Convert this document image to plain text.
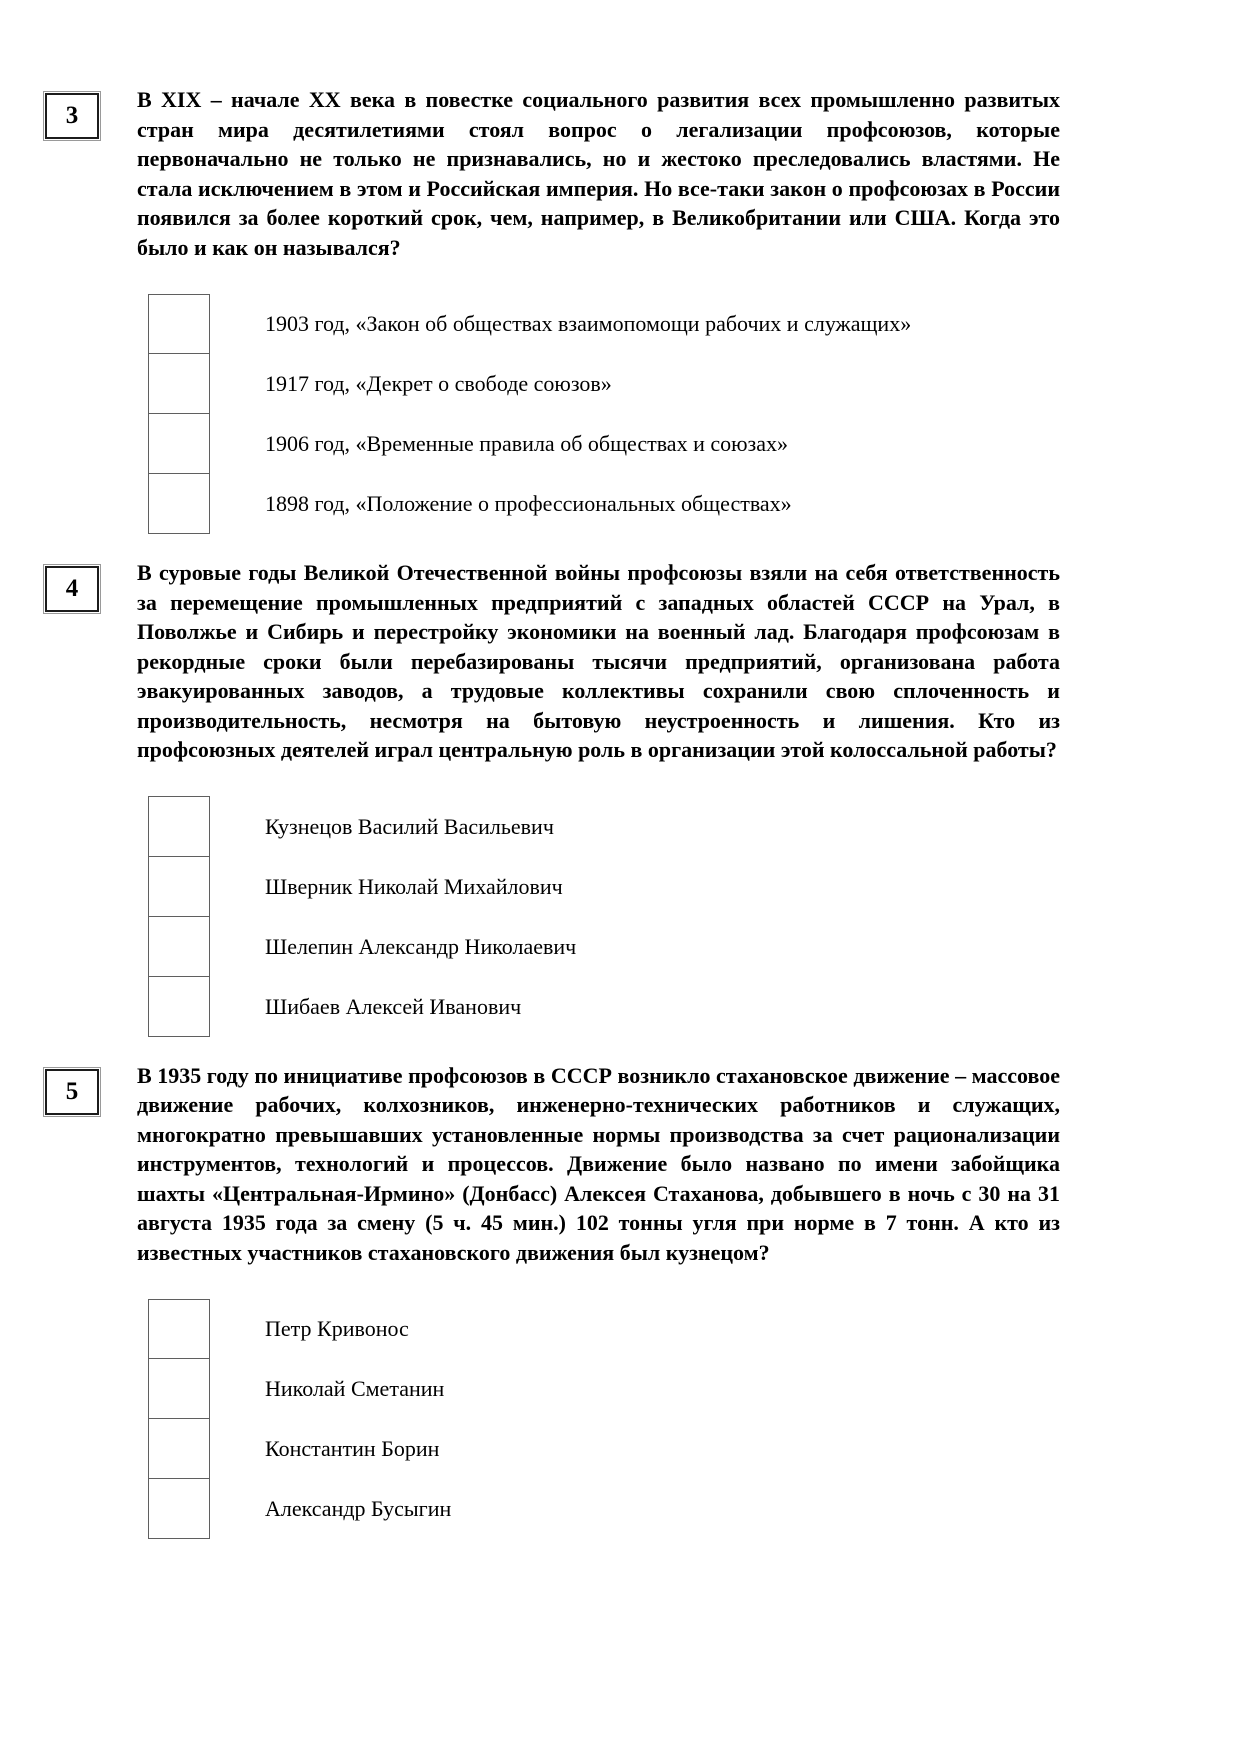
3

В XIX – начале XX века в повестке социального развития всех промышленно развитых стран мира десятилетиями стоял вопрос о легализации профсоюзов, которые первоначально не только не признавались, но и жестоко преследовались властями. Не стала исключением в этом и Российская империя. Но все-таки закон о профсоюзах в России появился за более короткий срок, чем, например, в Великобритании или США. Когда это было и как он назывался?

1903 год, «Закон об обществах взаимопомощи рабочих и служащих»
1917 год, «Декрет о свободе союзов»
1906 год, «Временные правила об обществах и союзах»
1898 год, «Положение о профессиональных обществах»
4

В суровые годы Великой Отечественной войны профсоюзы взяли на себя ответственность за перемещение промышленных предприятий с западных областей СССР на Урал, в Поволжье и Сибирь и перестройку экономики на военный лад. Благодаря профсоюзам в рекордные сроки были перебазированы тысячи предприятий, организована работа эвакуированных заводов, а трудовые коллективы сохранили свою сплоченность и производительность, несмотря на бытовую неустроенность и лишения. Кто из профсоюзных деятелей играл центральную роль в организации этой колоссальной работы?

Кузнецов Василий Васильевич
Шверник Николай Михайлович
Шелепин Александр Николаевич
Шибаев Алексей Иванович
5

В 1935 году по инициативе профсоюзов в СССР возникло стахановское движение – массовое движение рабочих, колхозников, инженерно-технических работников и служащих, многократно превышавших установленные нормы производства за счет рационализации инструментов, технологий и процессов. Движение было названо по имени забойщика шахты «Центральная-Ирмино» (Донбасс) Алексея Стаханова, добывшего в ночь с 30 на 31 августа 1935 года за смену (5 ч. 45 мин.) 102 тонны угля при норме в 7 тонн. А кто из известных участников стахановского движения был кузнецом?

Петр Кривонос
Николай Сметанин
Константин Борин
Александр Бусыгин
